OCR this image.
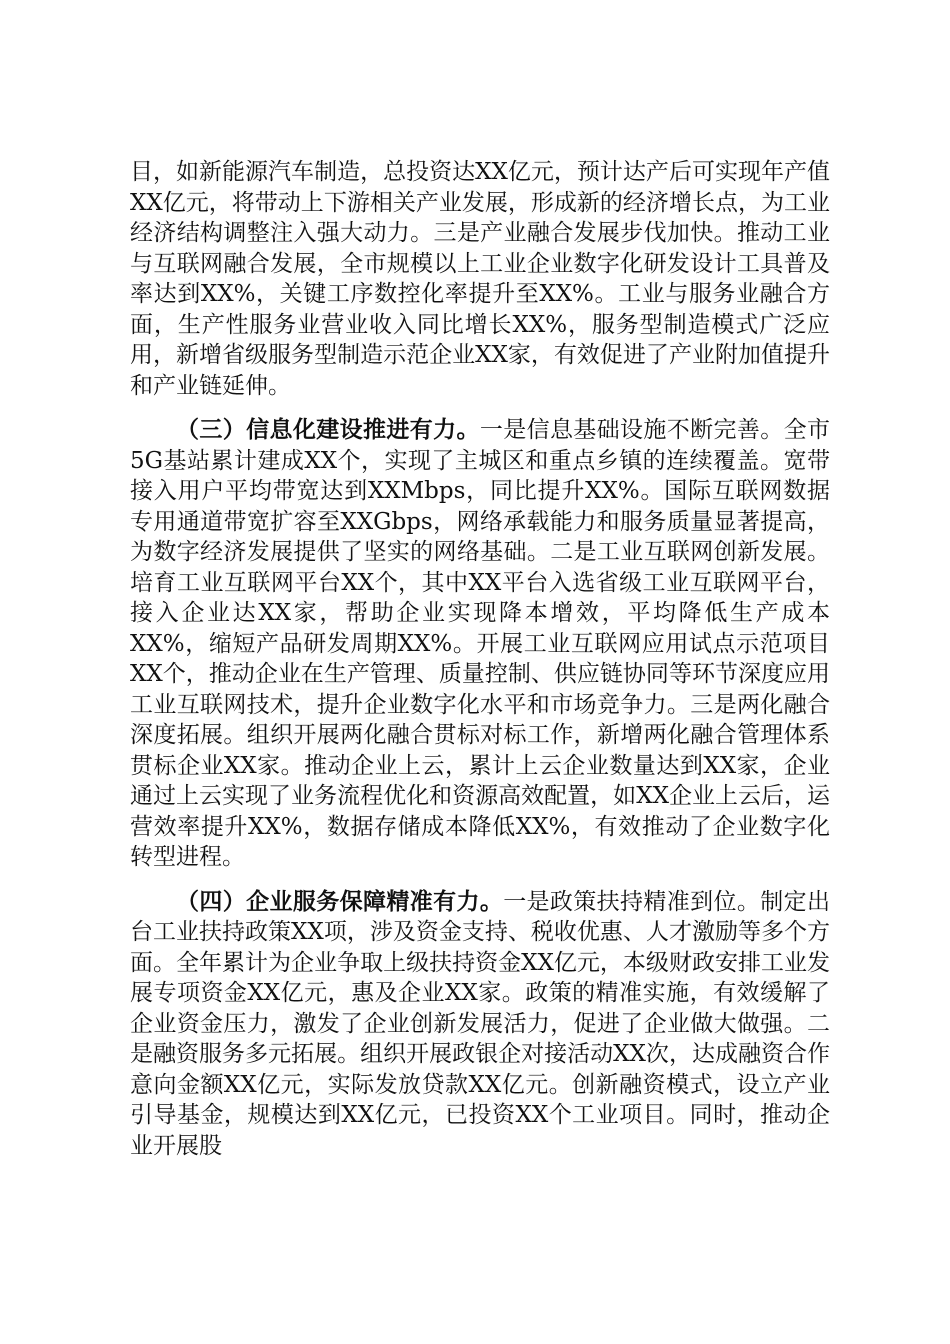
目，如新能源汽车制造，总投资达XX亿元，预计达产后可实现年产值XX亿元，将带动上下游相关产业发展，形成新的经济增长点，为工业经济结构调整注入强大动力。三是产业融合发展步伐加快。推动工业与互联网融合发展，全市规模以上工业企业数字化研发设计工具普及率达到XX%，关键工序数控化率提升至XX%。工业与服务业融合方面，生产性服务业营业收入同比增长XX%，服务型制造模式广泛应用，新增省级服务型制造示范企业XX家，有效促进了产业附加值提升和产业链延伸。

（三）信息化建设推进有力。一是信息基础设施不断完善。全市5G基站累计建成XX个，实现了主城区和重点乡镇的连续覆盖。宽带接入用户平均带宽达到XXMbps，同比提升XX%。国际互联网数据专用通道带宽扩容至XXGbps，网络承载能力和服务质量显著提高，为数字经济发展提供了坚实的网络基础。二是工业互联网创新发展。培育工业互联网平台XX个，其中XX平台入选省级工业互联网平台，接入企业达XX家，帮助企业实现降本增效，平均降低生产成本XX%，缩短产品研发周期XX%。开展工业互联网应用试点示范项目XX个，推动企业在生产管理、质量控制、供应链协同等环节深度应用工业互联网技术，提升企业数字化水平和市场竞争力。三是两化融合深度拓展。组织开展两化融合贯标对标工作，新增两化融合管理体系贯标企业XX家。推动企业上云，累计上云企业数量达到XX家，企业通过上云实现了业务流程优化和资源高效配置，如XX企业上云后，运营效率提升XX%，数据存储成本降低XX%，有效推动了企业数字化转型进程。

（四）企业服务保障精准有力。一是政策扶持精准到位。制定出台工业扶持政策XX项，涉及资金支持、税收优惠、人才激励等多个方面。全年累计为企业争取上级扶持资金XX亿元，本级财政安排工业发展专项资金XX亿元，惠及企业XX家。政策的精准实施，有效缓解了企业资金压力，激发了企业创新发展活力，促进了企业做大做强。二是融资服务多元拓展。组织开展政银企对接活动XX次，达成融资合作意向金额XX亿元，实际发放贷款XX亿元。创新融资模式，设立产业引导基金，规模达到XX亿元，已投资XX个工业项目。同时，推动企业开展股
